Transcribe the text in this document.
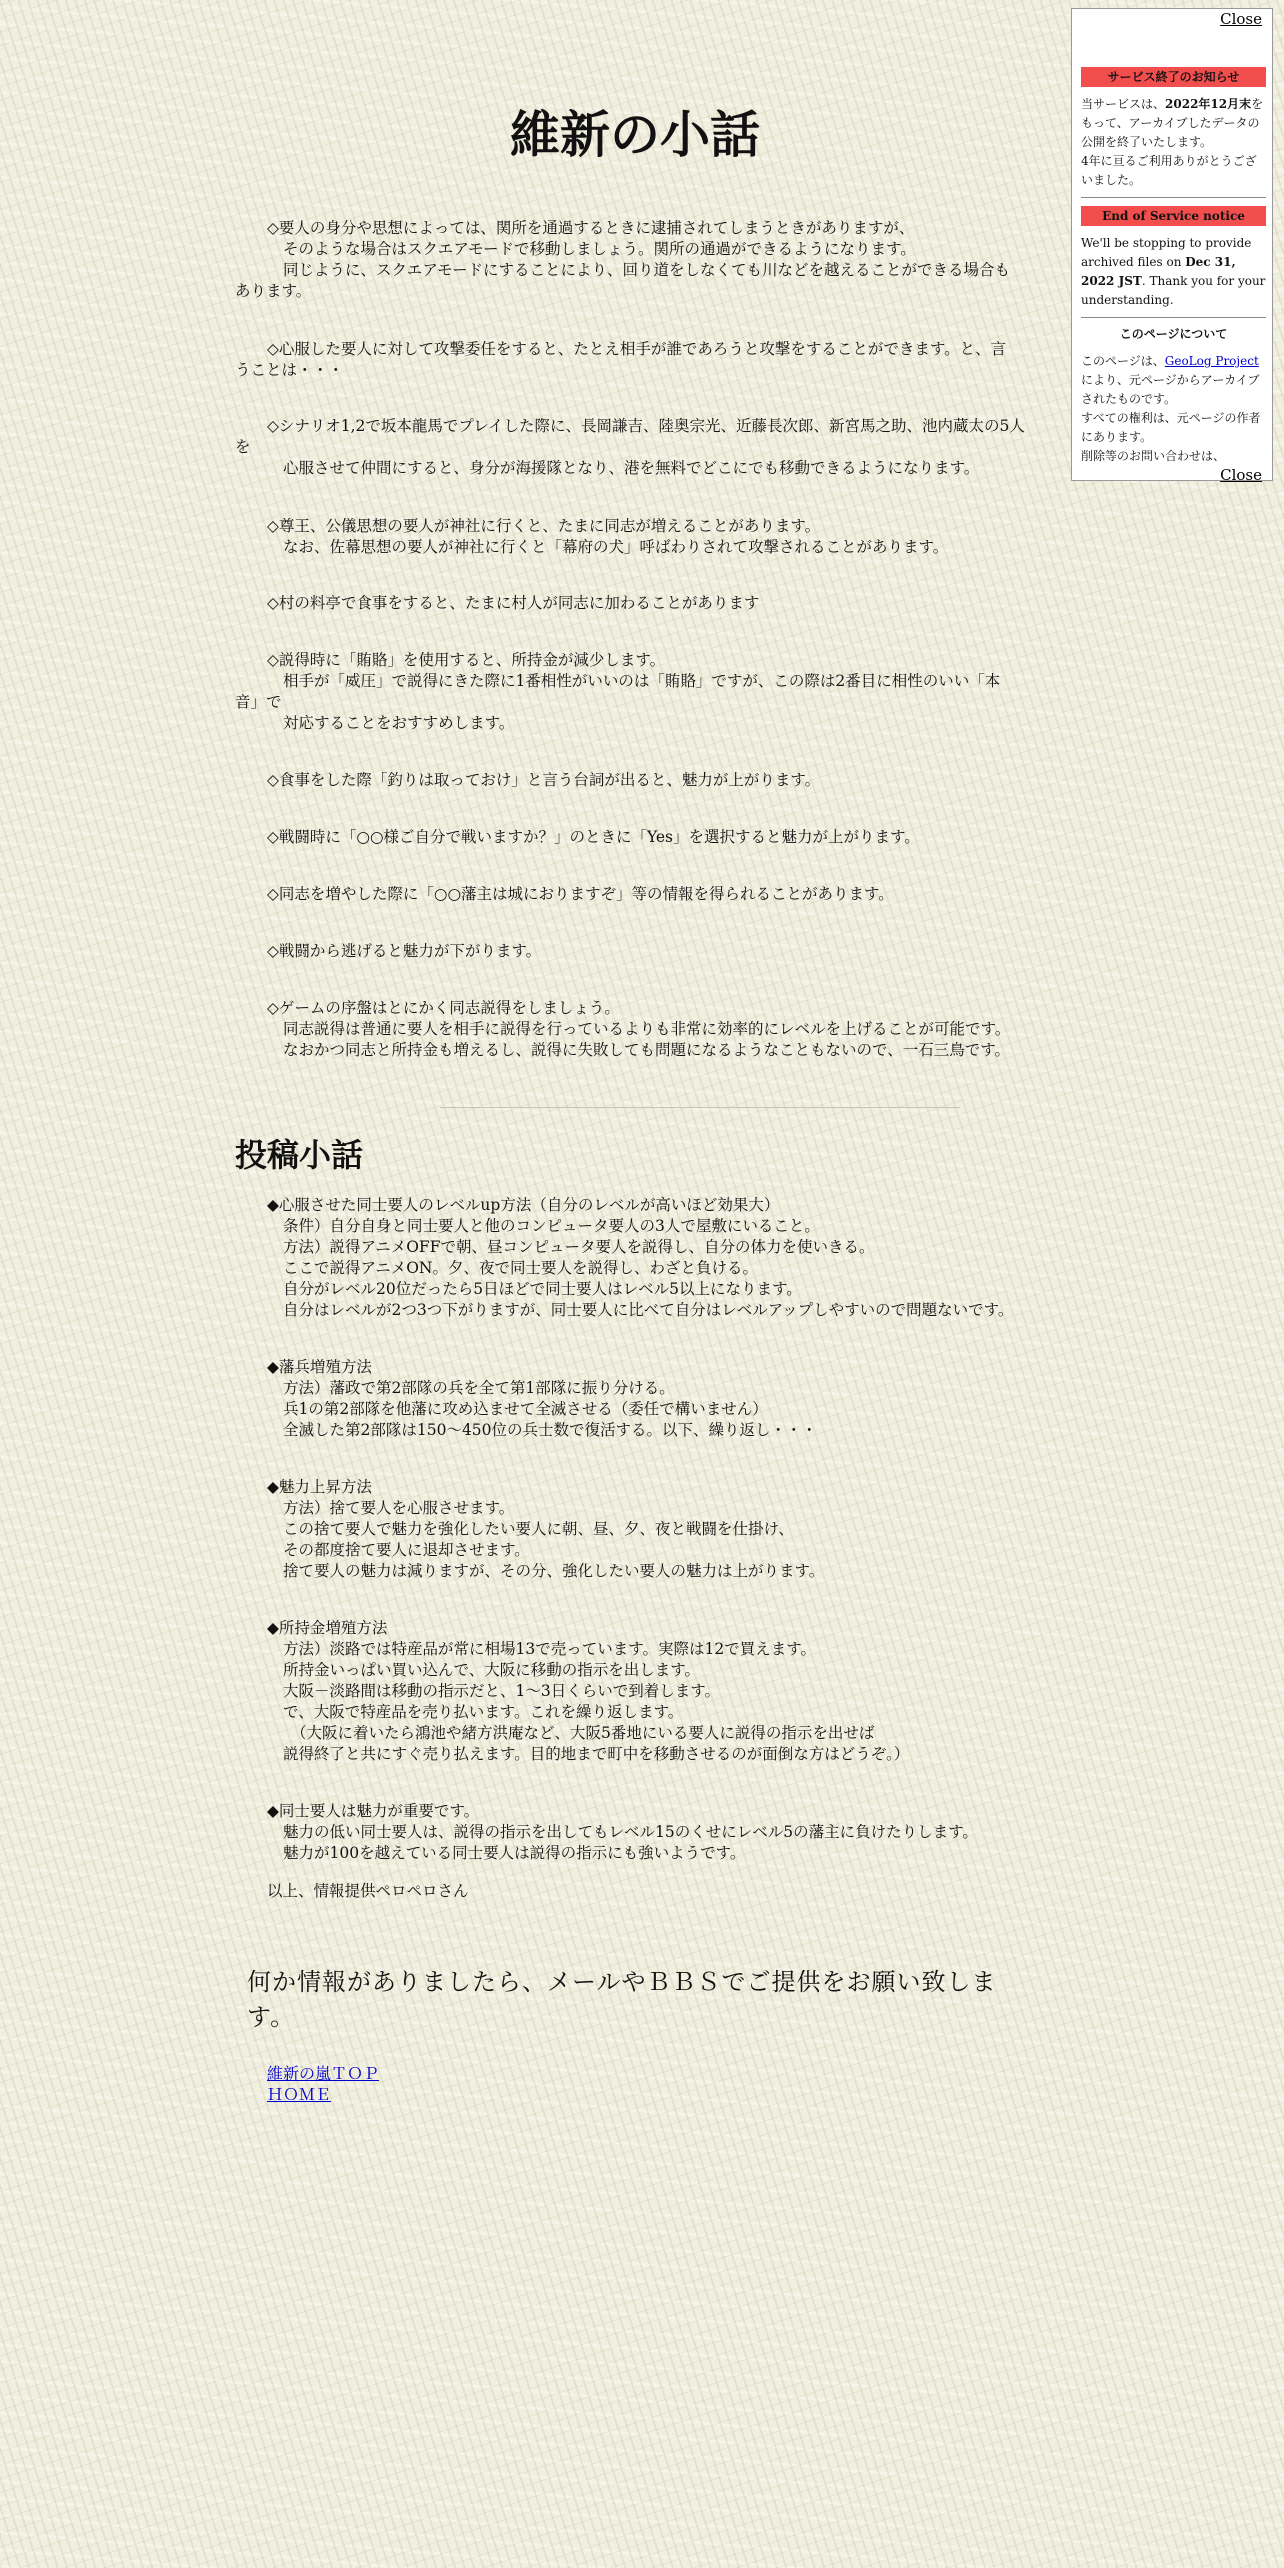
維新の小話
◇要人の身分や思想によっては、関所を通過するときに逮捕されてしまうときがありますが、
そのような場合はスクエアモードで移動しましょう。関所の通過ができるようになります。
同じように、スクエアモードにすることにより、回り道をしなくても川などを越えることができる場合も
あります。
◇心服した要人に対して攻撃委任をすると、たとえ相手が誰であろうと攻撃をすることができます。と、言
うことは・・・
◇シナリオ1,2で坂本龍馬でプレイした際に、長岡謙吉、陸奥宗光、近藤長次郎、新宮馬之助、池内蔵太の5人
を
心服させて仲間にすると、身分が海援隊となり、港を無料でどこにでも移動できるようになります。
◇尊王、公儀思想の要人が神社に行くと、たまに同志が増えることがあります。
なお、佐幕思想の要人が神社に行くと「幕府の犬」呼ばわりされて攻撃されることがあります。
◇村の料亭で食事をすると、たまに村人が同志に加わることがあります
◇説得時に「賄賂」を使用すると、所持金が減少します。
相手が「威圧」で説得にきた際に1番相性がいいのは「賄賂」ですが、この際は2番目に相性のいい「本
音」で
対応することをおすすめします。
◇食事をした際「釣りは取っておけ」と言う台詞が出ると、魅力が上がります。
◇戦闘時に「○○様ご自分で戦いますか？」のときに「Yes」を選択すると魅力が上がります。
◇同志を増やした際に「○○藩主は城におりますぞ」等の情報を得られることがあります。
◇戦闘から逃げると魅力が下がります。
◇ゲームの序盤はとにかく同志説得をしましょう。
同志説得は普通に要人を相手に説得を行っているよりも非常に効率的にレベルを上げることが可能です。
なおかつ同志と所持金も増えるし、説得に失敗しても問題になるようなこともないので、一石三鳥です。
投稿小話
◆心服させた同士要人のレベルup方法（自分のレベルが高いほど効果大）
条件）自分自身と同士要人と他のコンピュータ要人の3人で屋敷にいること。
方法）説得アニメOFFで朝、昼コンピュータ要人を説得し、自分の体力を使いきる。
ここで説得アニメON。夕、夜で同士要人を説得し、わざと負ける。
自分がレベル20位だったら5日ほどで同士要人はレベル5以上になります。
自分はレベルが2つ3つ下がりますが、同士要人に比べて自分はレベルアップしやすいので問題ないです。
◆藩兵増殖方法
方法）藩政で第2部隊の兵を全て第1部隊に振り分ける。
兵1の第2部隊を他藩に攻め込ませて全滅させる（委任で構いません）
全滅した第2部隊は150～450位の兵士数で復活する。以下、繰り返し・・・
◆魅力上昇方法
方法）捨て要人を心服させます。
この捨て要人で魅力を強化したい要人に朝、昼、夕、夜と戦闘を仕掛け、
その都度捨て要人に退却させます。
捨て要人の魅力は減りますが、その分、強化したい要人の魅力は上がります。
◆所持金増殖方法
方法）淡路では特産品が常に相場13で売っています。実際は12で買えます。
所持金いっぱい買い込んで、大阪に移動の指示を出します。
大阪－淡路間は移動の指示だと、1～3日くらいで到着します。
で、大阪で特産品を売り払います。これを繰り返します。
（大阪に着いたら鴻池や緒方洪庵など、大阪5番地にいる要人に説得の指示を出せば
説得終了と共にすぐ売り払えます。目的地まで町中を移動させるのが面倒な方はどうぞ。）
◆同士要人は魅力が重要です。
魅力の低い同士要人は、説得の指示を出してもレベル15のくせにレベル5の藩主に負けたりします。
魅力が100を越えている同士要人は説得の指示にも強いようです。
以上、情報提供ペロペロさん
何か情報がありましたら、メールやＢＢＳでご提供をお願い致します。
維新の嵐ＴＯＰ
ＨＯＭＥ
Close
サービス終了のお知らせ
当サービスは、2022年12月末をもって、アーカイブしたデータの公開を終了いたします。
4年に亘るご利用ありがとうございました。
End of Service notice
We'll be stopping to provide archived files on Dec 31, 2022 JST. Thank you for your understanding.
このページについて
このページは、GeoLog Projectにより、元ページからアーカイブされたものです。
すべての権利は、元ページの作者にあります。
削除等のお問い合わせは、
Close
